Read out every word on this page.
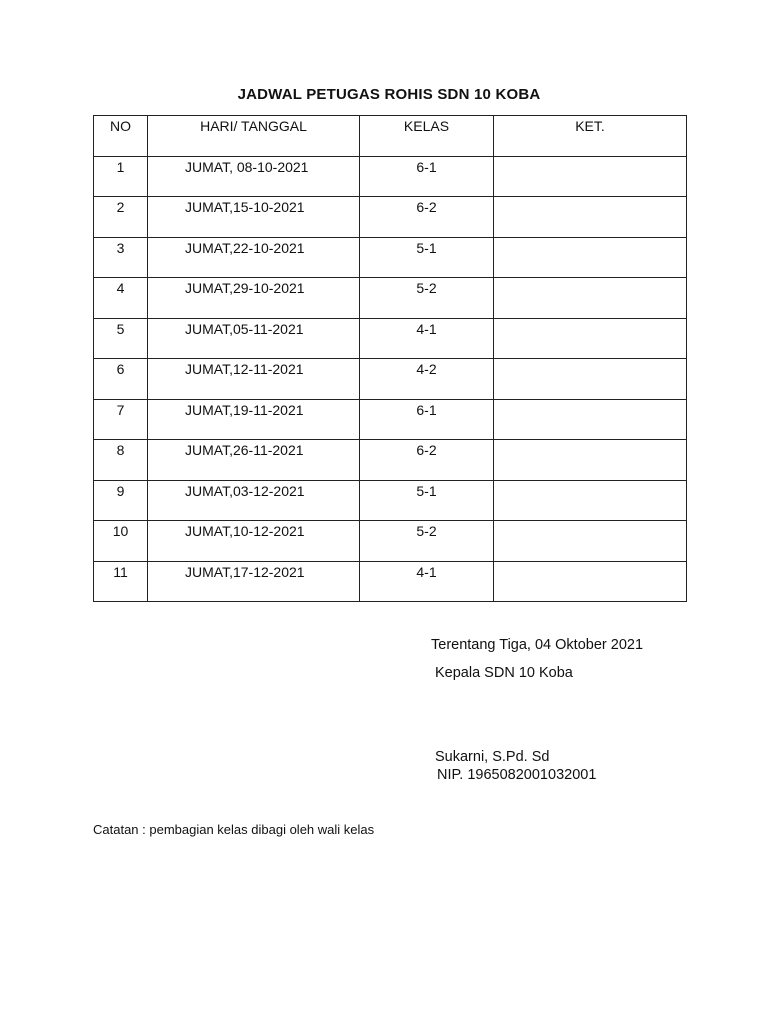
JADWAL PETUGAS ROHIS SDN 10 KOBA
NO	HARI/ TANGGAL	KELAS	KET.

1	JUMAT, 08-10-2021	6-1	

2	JUMAT,15-10-2021	6-2	

3	JUMAT,22-10-2021	5-1	

4	JUMAT,29-10-2021	5-2	

5	JUMAT,05-11-2021	4-1	

6	JUMAT,12-11-2021	4-2	

7	JUMAT,19-11-2021	6-1	

8	JUMAT,26-11-2021	6-2	

9	JUMAT,03-12-2021	5-1	

10	JUMAT,10-12-2021	5-2	

11	JUMAT,17-12-2021	4-1	

Terentang Tiga, 04 Oktober 2021
Kepala SDN 10 Koba
Sukarni, S.Pd. Sd
NIP. 1965082001032001
Catatan : pembagian kelas dibagi oleh wali kelas
